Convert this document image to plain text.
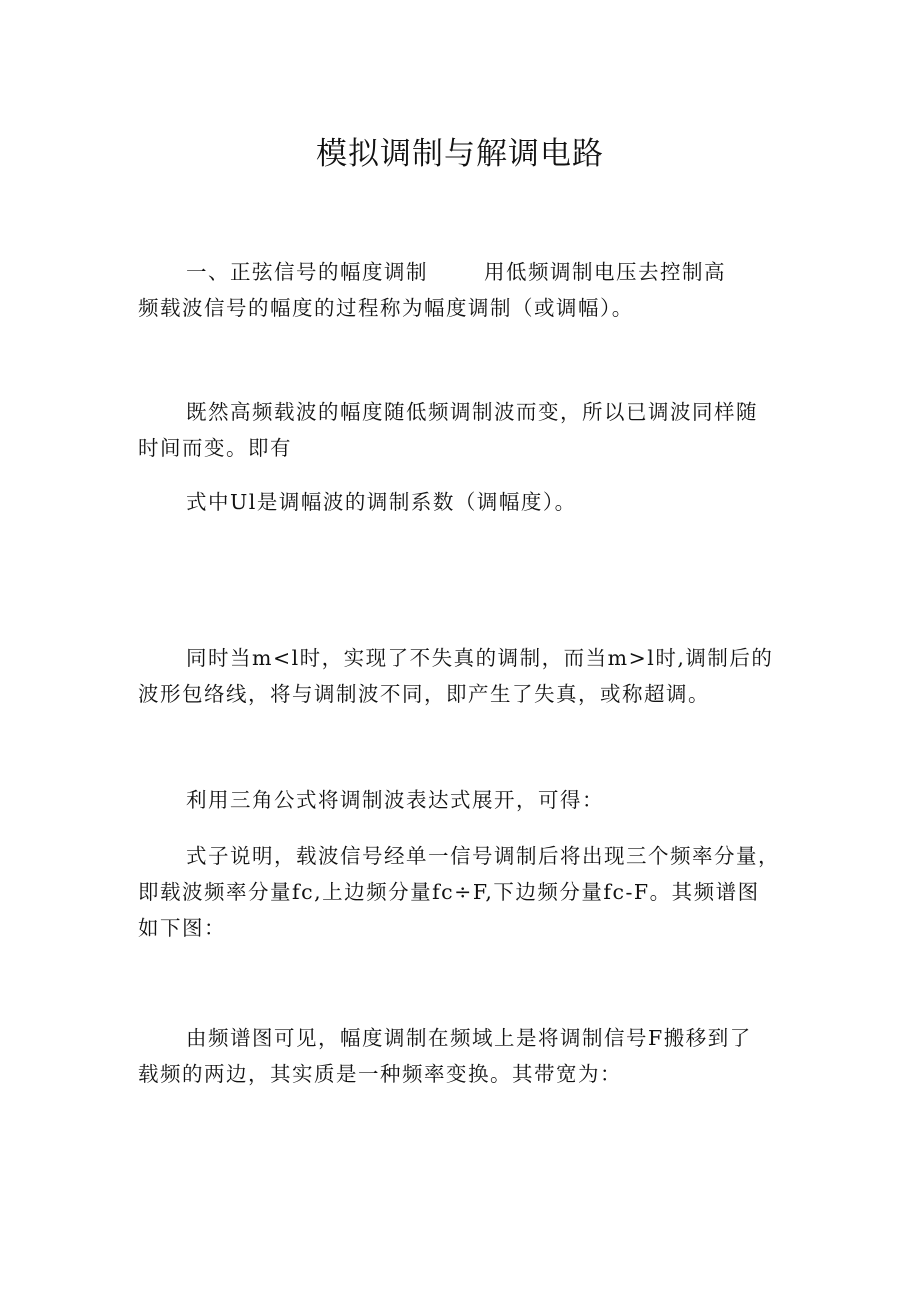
模拟调制与解调电路
一、正弦信号的幅度调制	用低频调制电压去控制高
频载波信号的幅度的过程称为幅度调制（或调幅）。
既然高频载波的幅度随低频调制波而变，所以已调波同样随
时间而变。即有
式中Ul是调幅波的调制系数（调幅度）。
同时当m<l时，实现了不失真的调制，而当m>l时,调制后的
波形包络线，将与调制波不同，即产生了失真，或称超调。
利用三角公式将调制波表达式展开，可得：
式子说明，载波信号经单一信号调制后将出现三个频率分量，
即载波频率分量fc,上边频分量fc÷F,下边频分量fc-F。其频谱图
如下图：
由频谱图可见，幅度调制在频域上是将调制信号F搬移到了
载频的两边，其实质是一种频率变换。其带宽为：
